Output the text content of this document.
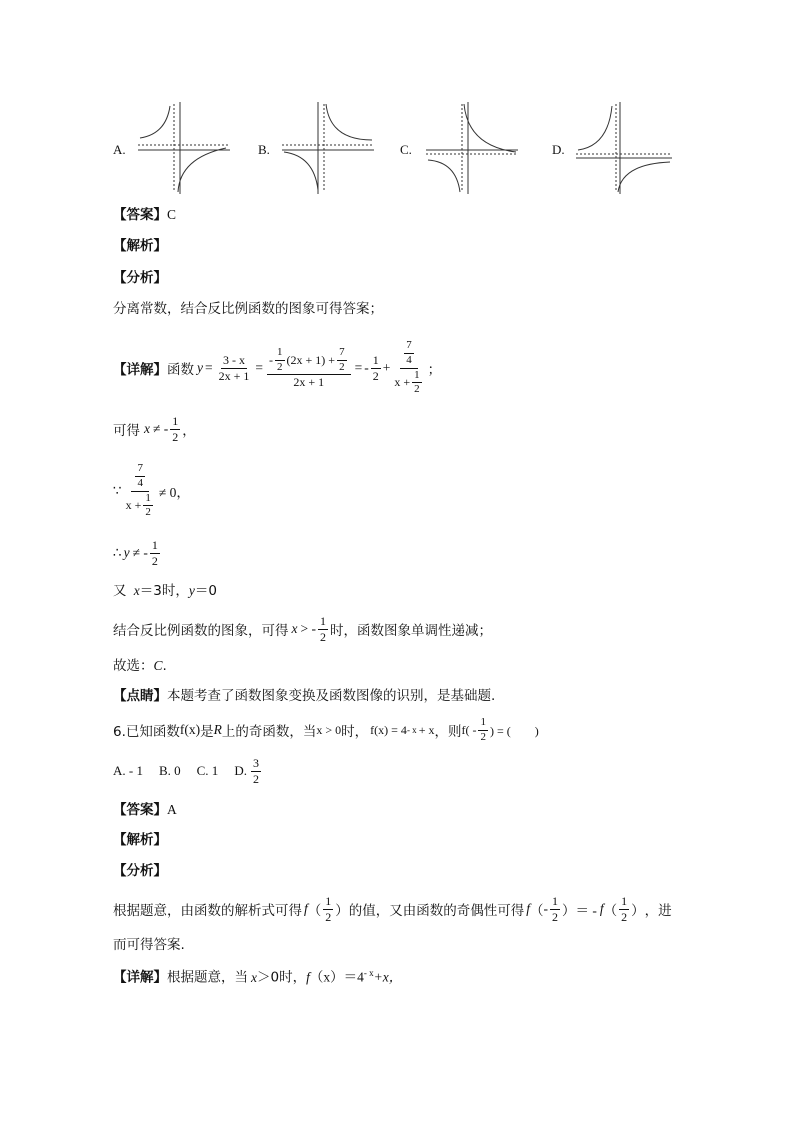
A.	B.	C.	D.
【答案】C
【解析】
【分析】
分离常数，结合反比例函数的图象可得答案；
【详解】 函数 $y = \frac{3 - x}{2x + 1} = \frac{- \frac{1}{2} (2x + 1) + \frac{7}{2}}{2x + 1}$ = - $\frac{1}{2} + \frac{\frac{7}{4}}{x + \frac{1}{2}}$ ；
可得 x ≠ - $\frac{1}{2}$ ，
∵ $\frac{\frac{7}{4}}{x + \frac{1}{2}} \ne 0$，
∴ y ≠ - $\frac{1}{2}$
又 x＝3时，y＝0
结合反比例函数的图象，可得 x > - $\frac{1}{2}$ 时，函数图象单调性递减；
故选：C.
【点睛】本题考查了函数图象变换及函数图像的识别，是基础题.
6.已知函数 f(x) 是 R 上的奇函数，当 x > 0 时， f(x) = 4 - x + x ，则 $f( - \frac{1}{2}$ ) = (　　)
A. - 1 B. 0 C. 1 D. $\frac{3}{2}$
【答案】A
【解析】
【分析】
根据题意，由函数的解析式可得 f （ $\frac{1}{2}$ ） 的值，又由函数的奇偶性可得 f （ - $\frac{1}{2}$ ） ＝ - f （ $\frac{1}{2}$ ） ，进
而可得答案.
【详解】根据题意，当 x＞0时，$f(x)=4^{- x}+x$，
